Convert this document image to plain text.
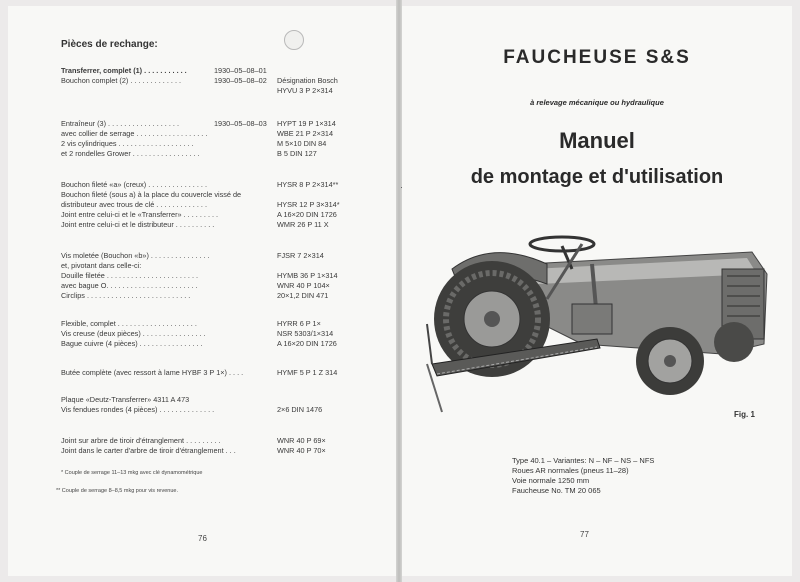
Pièces de rechange:
Transferrer, complet (1) . . . . . . . . . . .	1930–05–08–01
Bouchon complet (2) . . . . . . . . . . . . .	1930–05–08–02 Désignation Bosch
HYVU 3 P 2×314
Entraîneur (3) . . . . . . . . . . . . . . . . . .	1930–05–08–03 HYPT 19 P 1×314
avec collier de serrage . . . . . . . . . . . . . . . . . .	WBE 21 P 2×314
2 vis cylindriques . . . . . . . . . . . . . . . . . . .	M 5×10 DIN 84
et 2 rondelles Grower . . . . . . . . . . . . . . . . .	B 5 DIN 127
Bouchon fileté «a» (creux) . . . . . . . . . . . . . . .	HYSR 8 P 2×314**
Bouchon fileté (sous a) à la place du couvercle vissé de
distributeur avec trous de clé . . . . . . . . . . . . .	HYSR 12 P 3×314*
Joint entre celui-ci et le «Transferrer» . . . . . . . . .	A 16×20 DIN 1726
Joint entre celui-ci et le distributeur . . . . . . . . . .	WMR 26 P 11 X
Vis moletée (Bouchon «b») . . . . . . . . . . . . . . .	FJSR 7 2×314
et, pivotant dans celle-ci:
Douille filetée . . . . . . . . . . . . . . . . . . . . . . .	HYMB 36 P 1×314
avec bague O. . . . . . . . . . . . . . . . . . . . . . .	WNR 40 P 104×
Circlips . . . . . . . . . . . . . . . . . . . . . . . . . .	20×1,2 DIN 471
Flexible, complet . . . . . . . . . . . . . . . . . . . .	HYRR 6 P 1×
Vis creuse (deux pièces) . . . . . . . . . . . . . . . .	NSR 5303/1×314
Bague cuivre (4 pièces) . . . . . . . . . . . . . . . .	A 16×20 DIN 1726
Butée complète (avec ressort à lame HYBF 3 P 1×) . . . .	HYMF 5 P 1 Z 314
Plaque «Deutz-Transferrer» 4311 A 473
Vis fendues rondes (4 pièces) . . . . . . . . . . . . . .	2×6 DIN 1476
Joint sur arbre de tiroir d'étranglement . . . . . . . . .	WNR 40 P 69×
Joint dans le carter d'arbre de tiroir d'étranglement . . .	WNR 40 P 70×
* Couple de serrage 11–13 mkg avec clé dynamométrique
** Couple de serrage 8–8,5 mkg pour vis revenue.
76
FAUCHEUSE S&S
à relevage mécanique ou hydraulique
Manuel
de montage et d'utilisation
·
Fig. 1
Type 40.1 – Variantes: N – NF – NS – NFS
Roues AR normales (pneus 11–28)
Voie normale 1250 mm
Faucheuse No. TM 20 065
77
